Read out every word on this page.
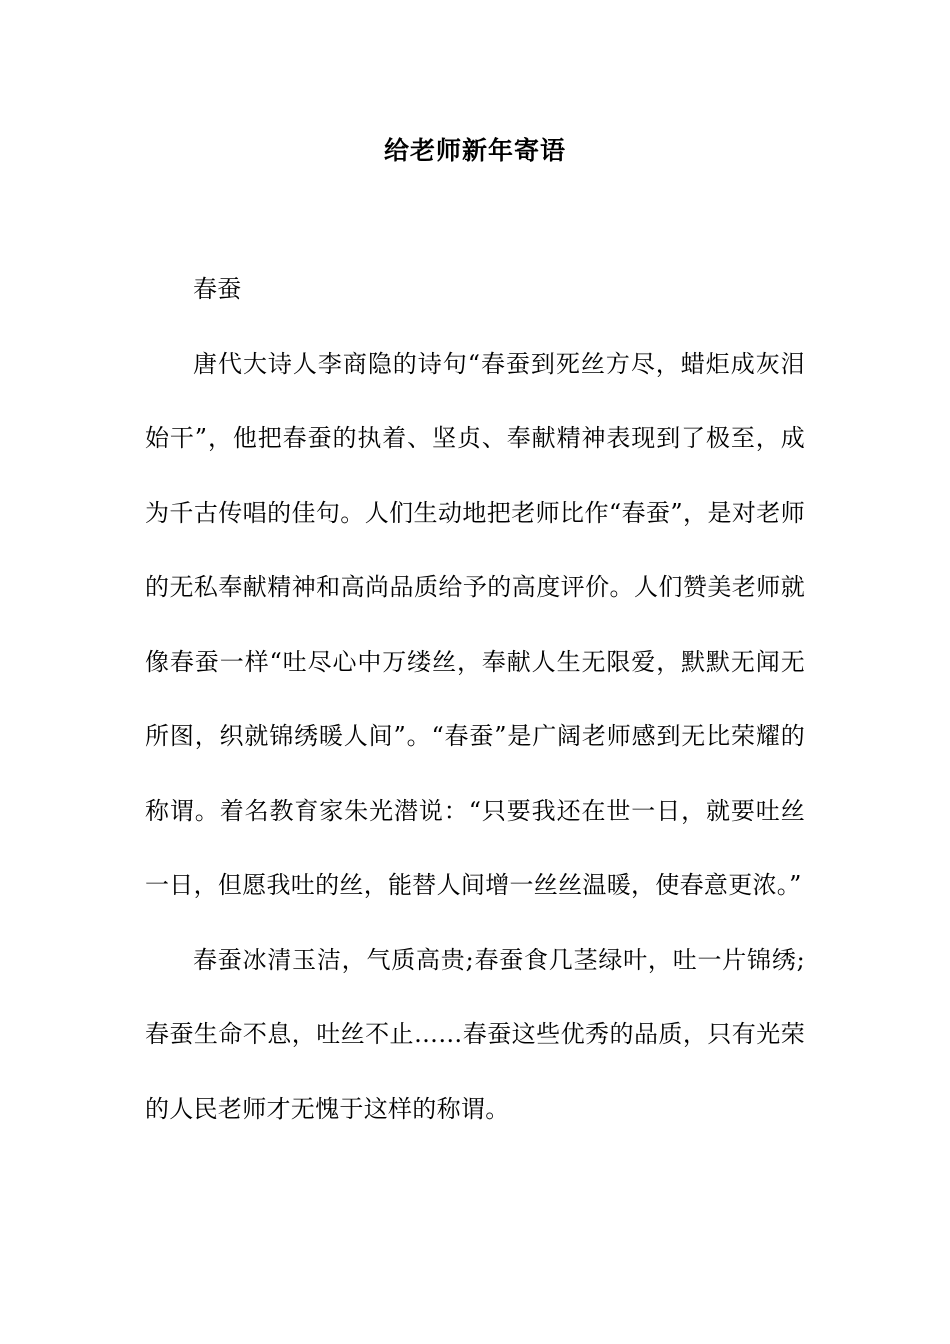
给老师新年寄语

春蚕

唐代大诗人李商隐的诗句“春蚕到死丝方尽，蜡炬成灰泪始干”，他把春蚕的执着、坚贞、奉献精神表现到了极至，成为千古传唱的佳句。人们生动地把老师比作“春蚕”，是对老师的无私奉献精神和高尚品质给予的高度评价。人们赞美老师就像春蚕一样“吐尽心中万缕丝，奉献人生无限爱，默默无闻无所图，织就锦绣暖人间”。“春蚕”是广阔老师感到无比荣耀的称谓。着名教育家朱光潜说：“只要我还在世一日，就要吐丝一日，但愿我吐的丝，能替人间增一丝丝温暖，使春意更浓。”

春蚕冰清玉洁，气质高贵;春蚕食几茎绿叶，吐一片锦绣;春蚕生命不息，吐丝不止……春蚕这些优秀的品质，只有光荣的人民老师才无愧于这样的称谓。
